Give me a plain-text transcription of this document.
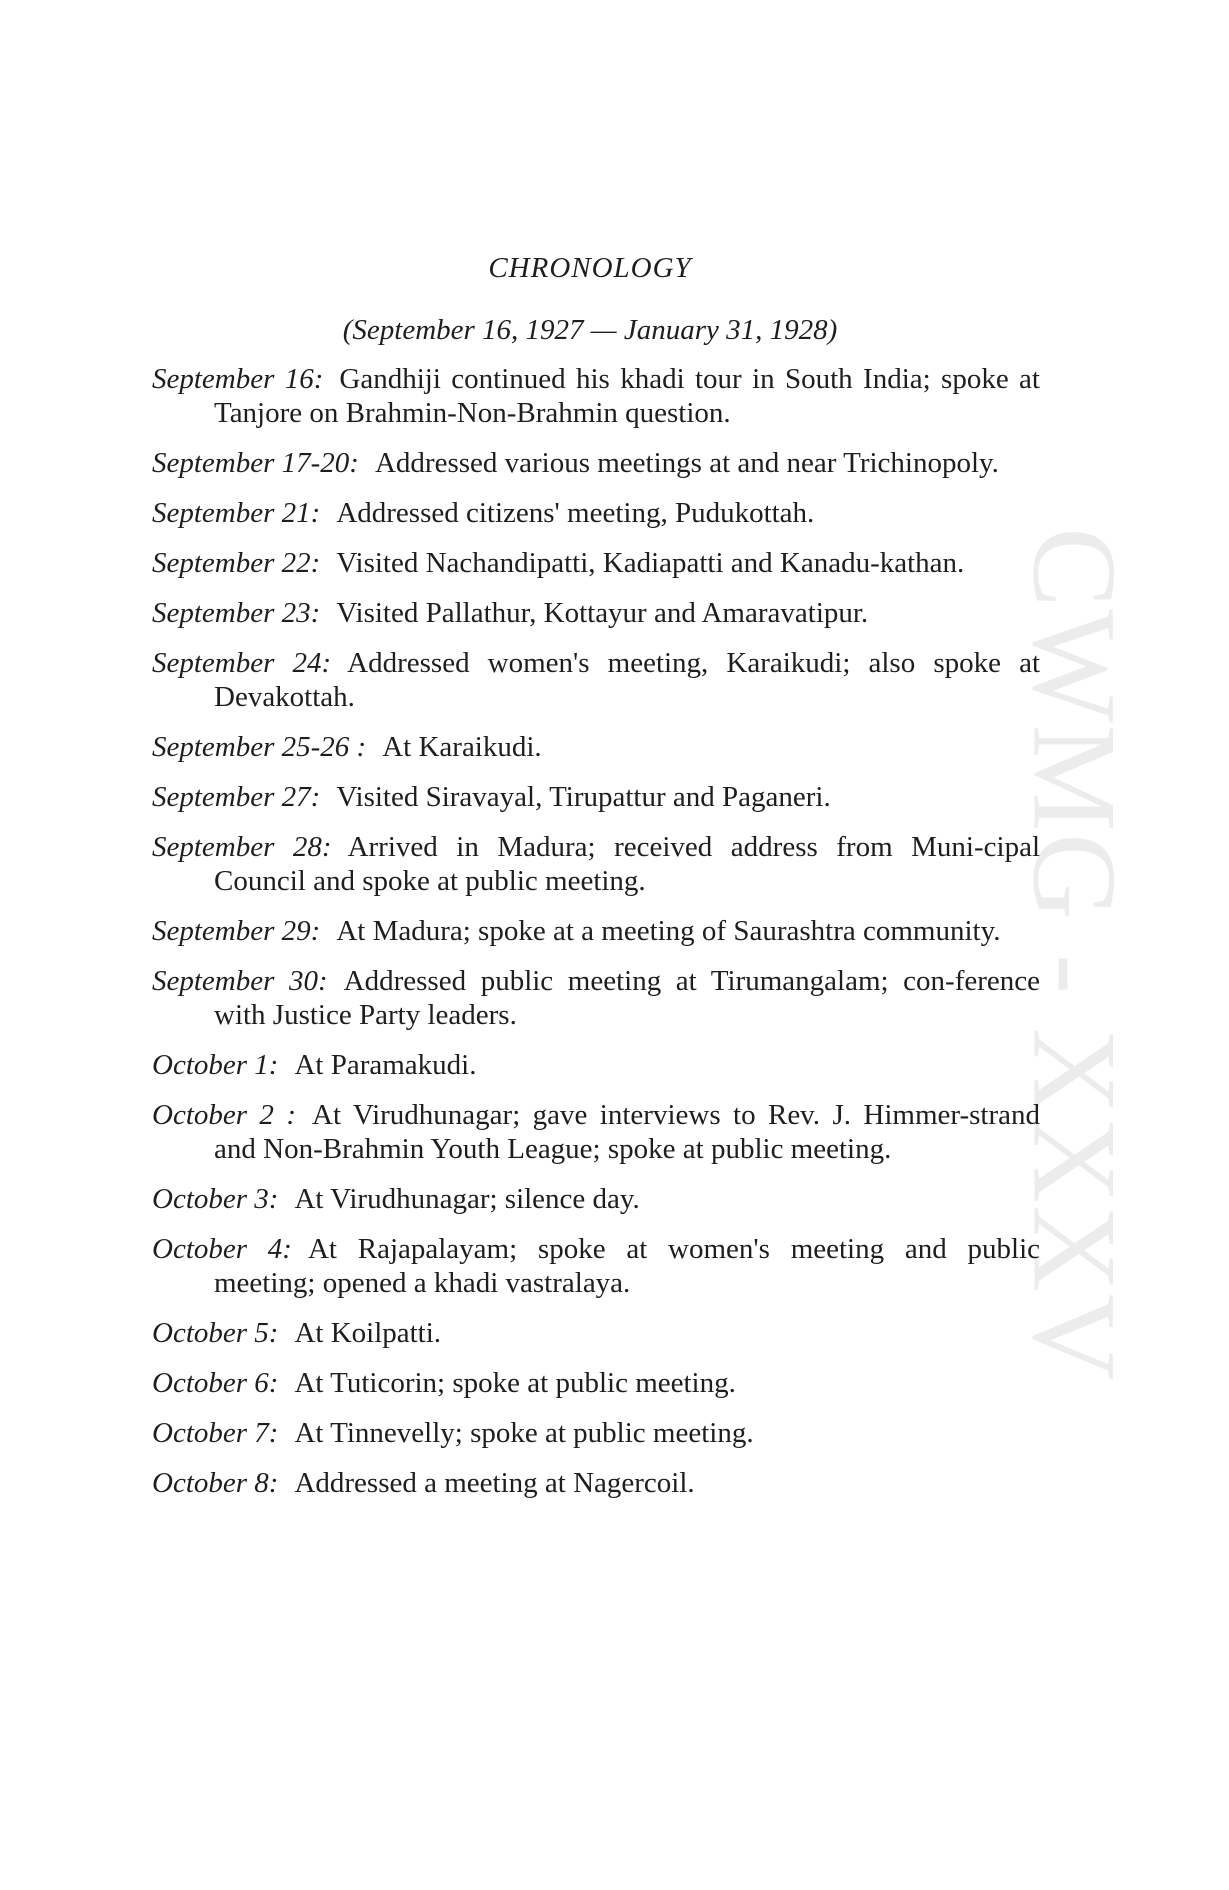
CWMG - XXXV
CHRONOLOGY
(September 16, 1927 — January 31, 1928)
September 16: Gandhiji continued his khadi tour in South India; spoke at Tanjore on Brahmin-Non-Brahmin question.
September 17-20: Addressed various meetings at and near Trichinopoly.
September 21: Addressed citizens' meeting, Pudukottah.
September 22: Visited Nachandipatti, Kadiapatti and Kanadu-kathan.
September 23: Visited Pallathur, Kottayur and Amaravatipur.
September 24: Addressed women's meeting, Karaikudi; also spoke at Devakottah.
September 25-26 : At Karaikudi.
September 27: Visited Siravayal, Tirupattur and Paganeri.
September 28: Arrived in Madura; received address from Muni-cipal Council and spoke at public meeting.
September 29: At Madura; spoke at a meeting of Saurashtra community.
September 30: Addressed public meeting at Tirumangalam; con-ference with Justice Party leaders.
October 1: At Paramakudi.
October 2 : At Virudhunagar; gave interviews to Rev. J. Himmer-strand and Non-Brahmin Youth League; spoke at public meeting.
October 3: At Virudhunagar; silence day.
October 4: At Rajapalayam; spoke at women's meeting and public meeting; opened a khadi vastralaya.
October 5: At Koilpatti.
October 6: At Tuticorin; spoke at public meeting.
October 7: At Tinnevelly; spoke at public meeting.
October 8: Addressed a meeting at Nagercoil.
